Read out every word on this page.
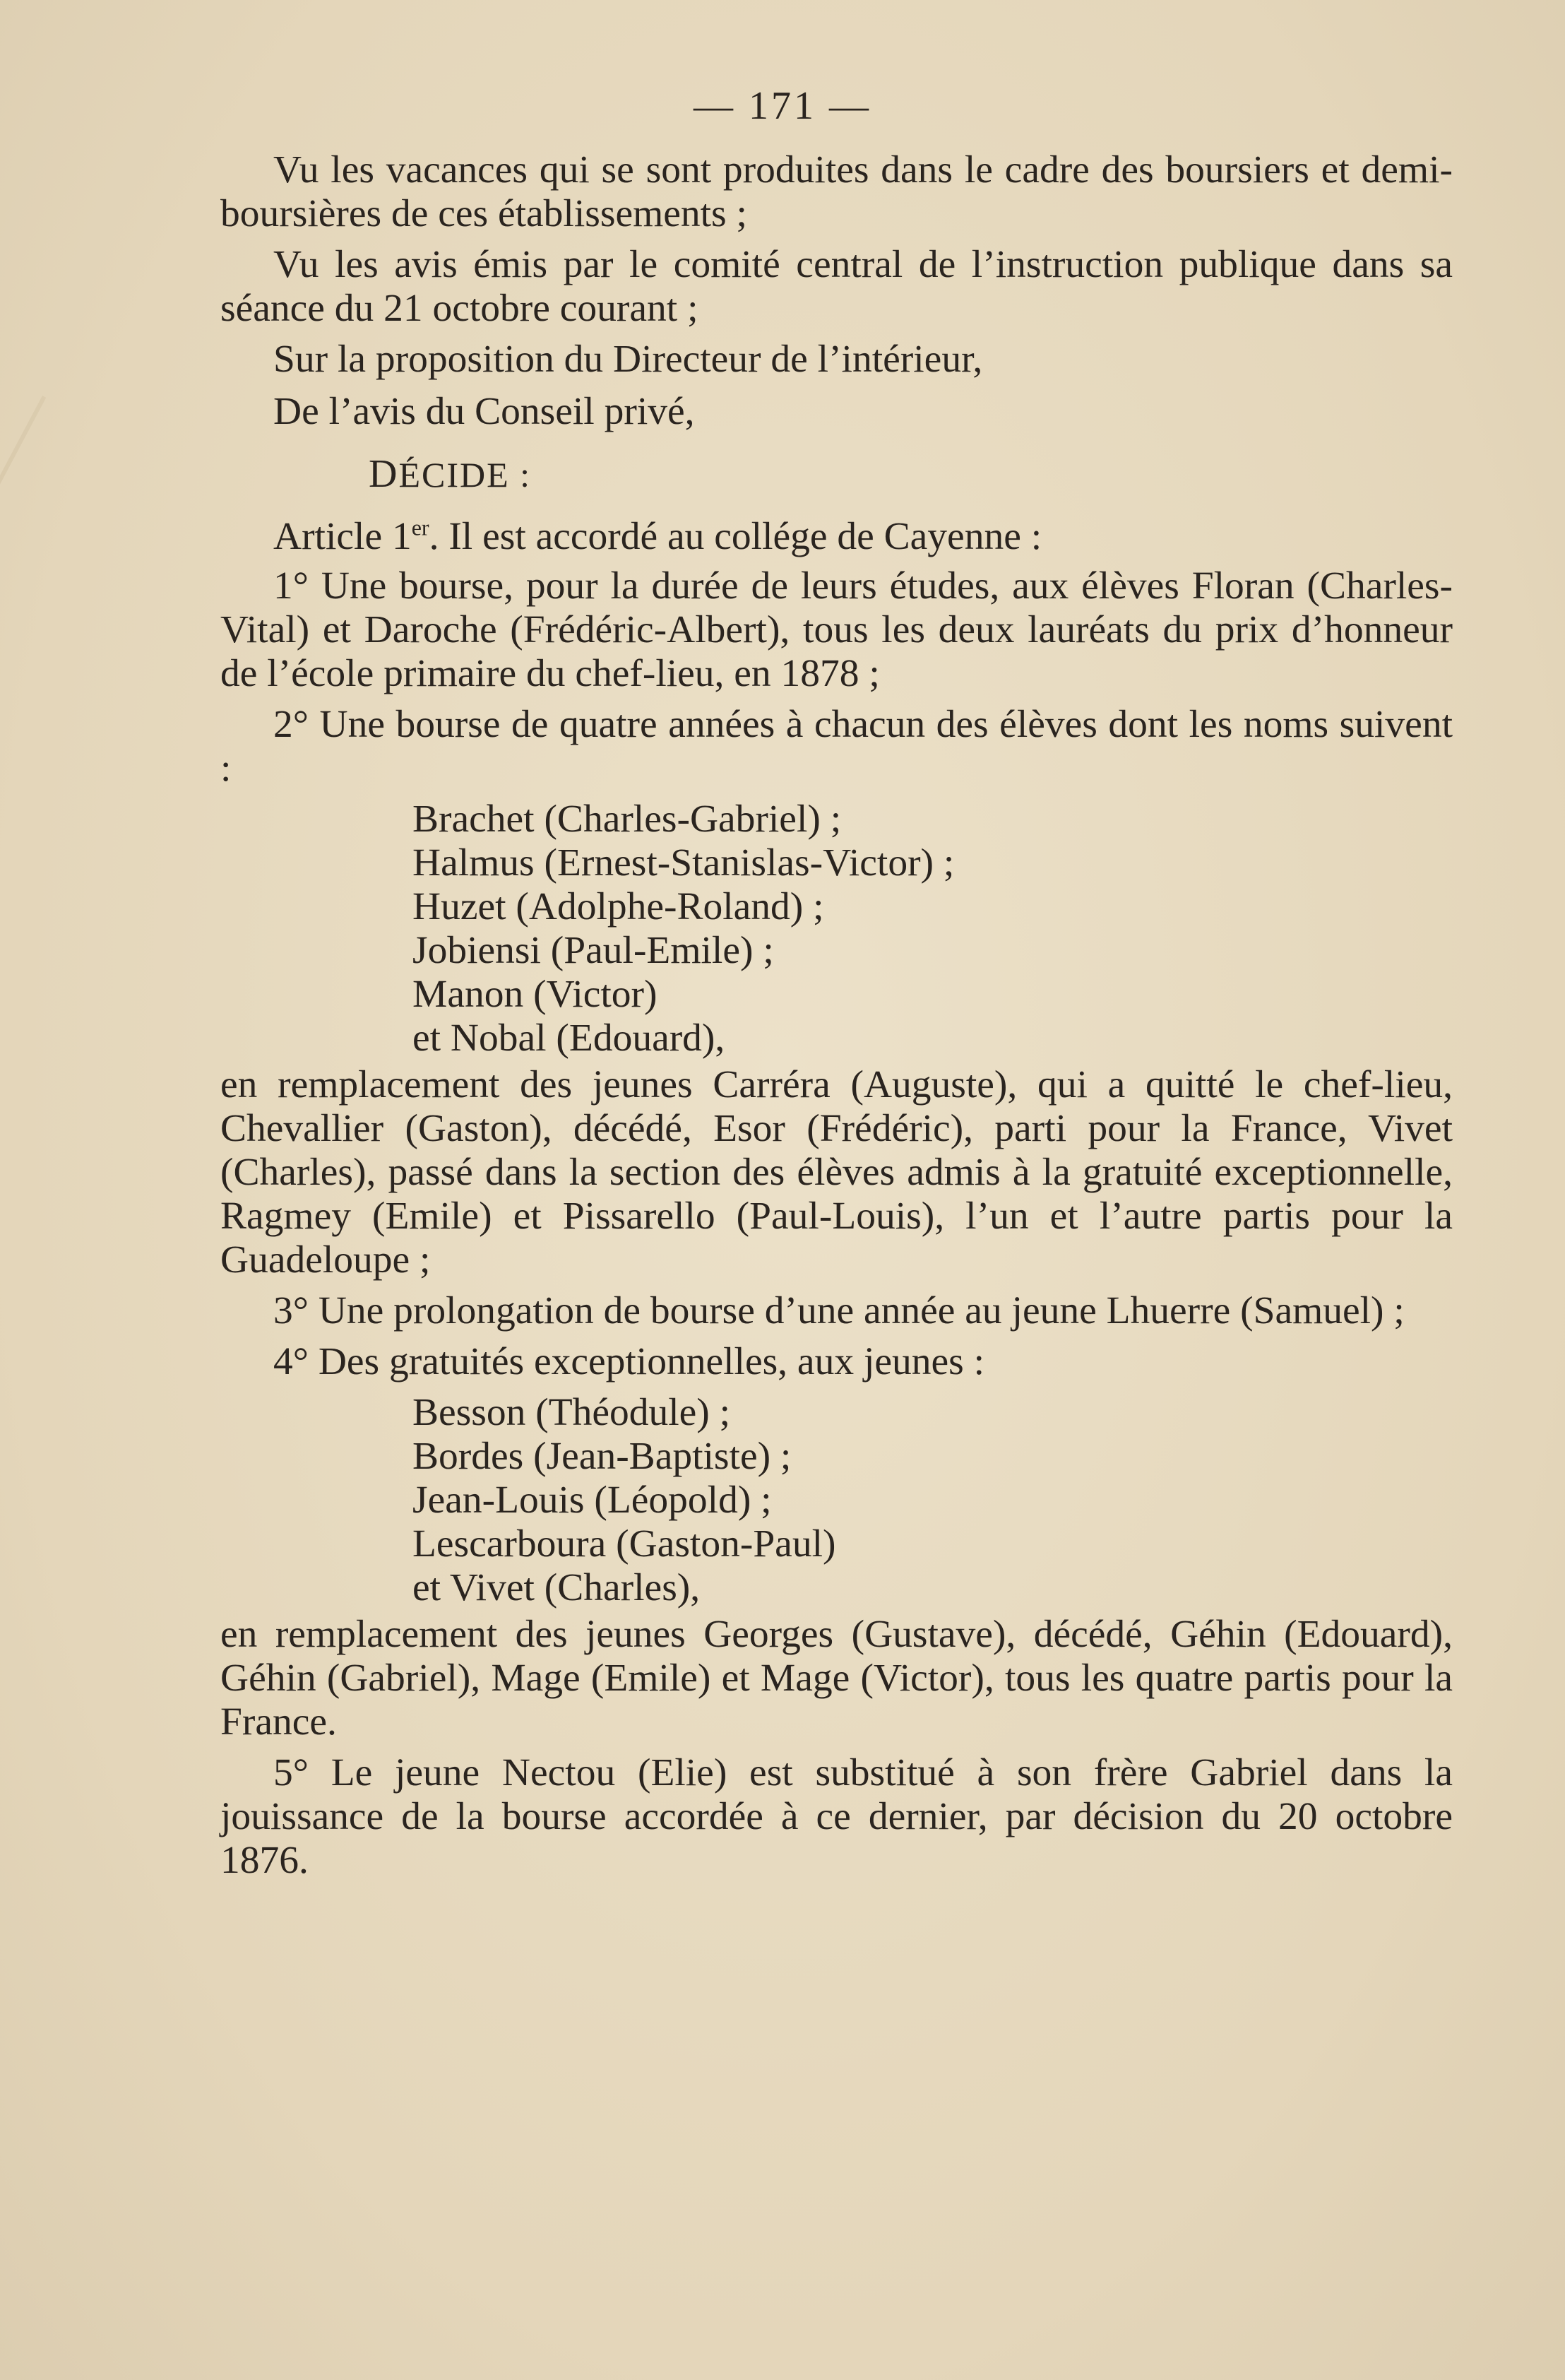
— 171 —

Vu les vacances qui se sont produites dans le cadre des boursiers et demi-boursières de ces établissements ;

Vu les avis émis par le comité central de l’instruction publique dans sa séance du 21 octobre courant ;

Sur la proposition du Directeur de l’intérieur,

De l’avis du Conseil privé,

DÉCIDE :

Article 1er. Il est accordé au collége de Cayenne :

1° Une bourse, pour la durée de leurs études, aux élèves Floran (Charles-Vital) et Daroche (Frédéric-Albert), tous les deux lauréats du prix d’honneur de l’école primaire du chef-lieu, en 1878 ;

2° Une bourse de quatre années à chacun des élèves dont les noms suivent :

Brachet (Charles-Gabriel) ;
Halmus (Ernest-Stanislas-Victor) ;
Huzet (Adolphe-Roland) ;
Jobiensi (Paul-Emile) ;
Manon (Victor)
et Nobal (Edouard),

en remplacement des jeunes Carréra (Auguste), qui a quitté le chef-lieu, Chevallier (Gaston), décédé, Esor (Frédéric), parti pour la France, Vivet (Charles), passé dans la section des élèves admis à la gratuité exceptionnelle, Ragmey (Emile) et Pissarello (Paul-Louis), l’un et l’autre partis pour la Guadeloupe ;

3° Une prolongation de bourse d’une année au jeune Lhuerre (Samuel) ;

4° Des gratuités exceptionnelles, aux jeunes :

Besson (Théodule) ;
Bordes (Jean-Baptiste) ;
Jean-Louis (Léopold) ;
Lescarboura (Gaston-Paul)
et Vivet (Charles),

en remplacement des jeunes Georges (Gustave), décédé, Géhin (Edouard), Géhin (Gabriel), Mage (Emile) et Mage (Victor), tous les quatre partis pour la France.

5° Le jeune Nectou (Elie) est substitué à son frère Gabriel dans la jouissance de la bourse accordée à ce dernier, par décision du 20 octobre 1876.
